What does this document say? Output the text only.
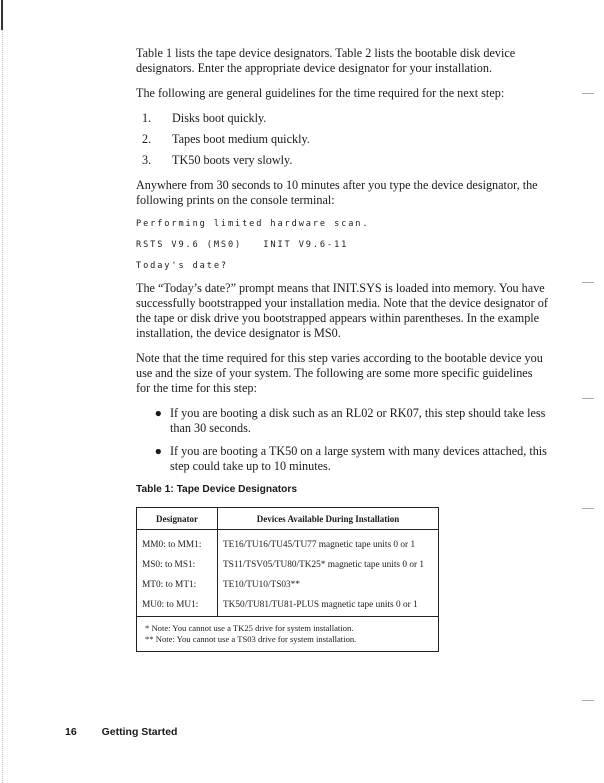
Table 1 lists the tape device designators. Table 2 lists the bootable disk device designators. Enter the appropriate device designator for your installation.

The following are general guidelines for the time required for the next step:

1.	Disks boot quickly.
2.	Tapes boot medium quickly.
3.	TK50 boots very slowly.

Anywhere from 30 seconds to 10 minutes after you type the device designator, the following prints on the console terminal:

Performing limited hardware scan.
RSTS V9.6 (MS0)   INIT V9.6-11
Today's date?

The “Today’s date?” prompt means that INIT.SYS is loaded into memory. You have successfully bootstrapped your installation media. Note that the device designator of the tape or disk drive you bootstrapped appears within parentheses. In the example installation, the device designator is MS0.

Note that the time required for this step varies according to the bootable device you use and the size of your system. The following are some more specific guidelines for the time for this step:

● If you are booting a disk such as an RL02 or RK07, this step should take less than 30 seconds.
● If you are booting a TK50 on a large system with many devices attached, this step could take up to 10 minutes.
Table 1: Tape Device Designators
Designator	Devices Available During Installation
MM0: to MM1:	TE16/TU16/TU45/TU77 magnetic tape units 0 or 1
MS0: to MS1:	TS11/TSV05/TU80/TK25* magnetic tape units 0 or 1
MT0: to MT1:	TE10/TU10/TS03**
MU0: to MU1:	TK50/TU81/TU81-PLUS magnetic tape units 0 or 1
* Note: You cannot use a TK25 drive for system installation.
** Note: You cannot use a TS03 drive for system installation.
16 Getting Started
